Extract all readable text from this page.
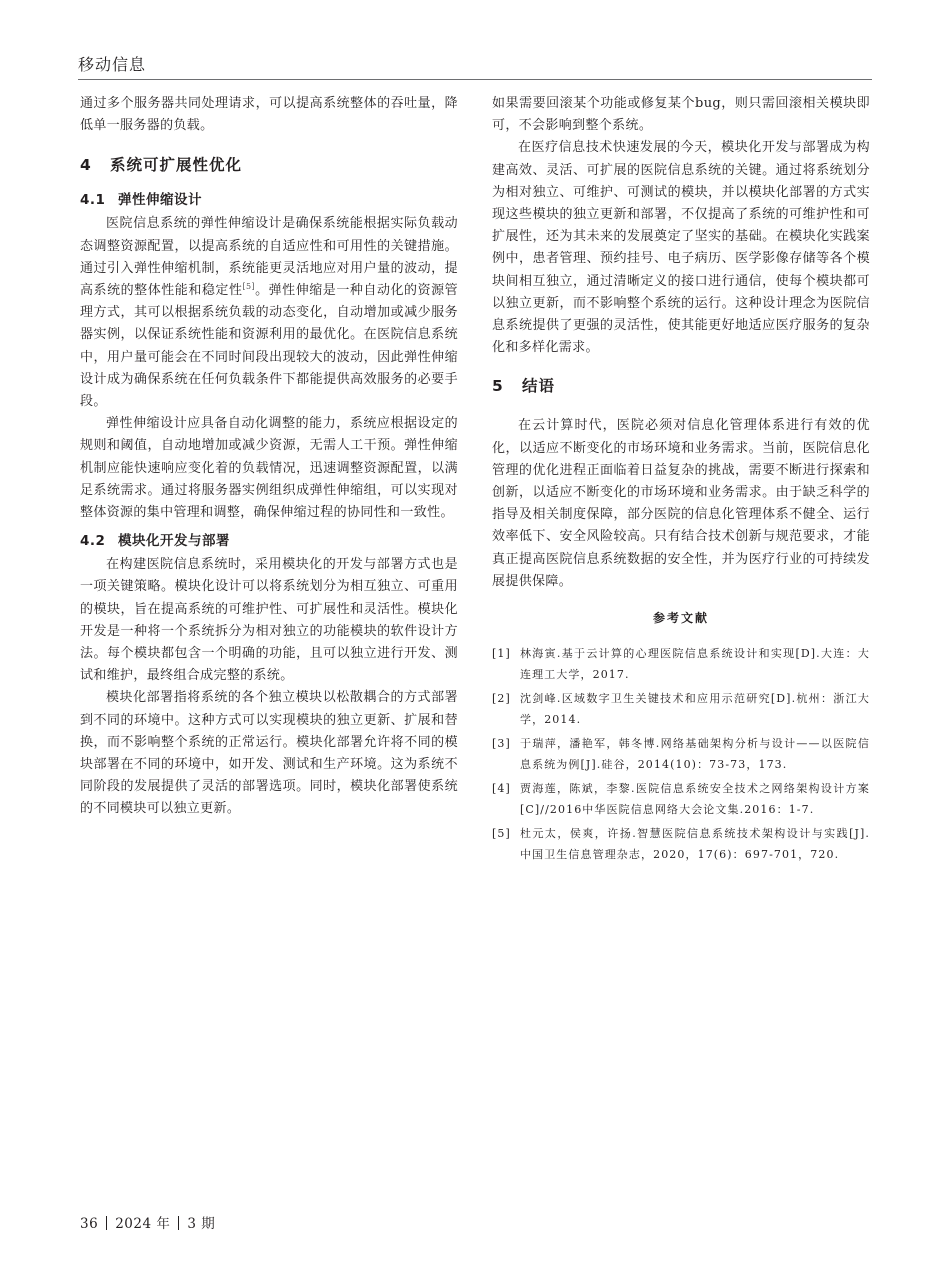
移动信息

通过多个服务器共同处理请求，可以提高系统整体的吞吐量，降低单一服务器的负载。

4 系统可扩展性优化
4.1 弹性伸缩设计

医院信息系统的弹性伸缩设计是确保系统能根据实际负载动态调整资源配置，以提高系统的自适应性和可用性的关键措施。通过引入弹性伸缩机制，系统能更灵活地应对用户量的波动，提高系统的整体性能和稳定性[5]。弹性伸缩是一种自动化的资源管理方式，其可以根据系统负载的动态变化，自动增加或减少服务器实例，以保证系统性能和资源利用的最优化。在医院信息系统中，用户量可能会在不同时间段出现较大的波动，因此弹性伸缩设计成为确保系统在任何负载条件下都能提供高效服务的必要手段。

弹性伸缩设计应具备自动化调整的能力，系统应根据设定的规则和阈值，自动地增加或减少资源，无需人工干预。弹性伸缩机制应能快速响应变化着的负载情况，迅速调整资源配置，以满足系统需求。通过将服务器实例组织成弹性伸缩组，可以实现对整体资源的集中管理和调整，确保伸缩过程的协同性和一致性。

4.2 模块化开发与部署

在构建医院信息系统时，采用模块化的开发与部署方式也是一项关键策略。模块化设计可以将系统划分为相互独立、可重用的模块，旨在提高系统的可维护性、可扩展性和灵活性。模块化开发是一种将一个系统拆分为相对独立的功能模块的软件设计方法。每个模块都包含一个明确的功能，且可以独立进行开发、测试和维护，最终组合成完整的系统。

模块化部署指将系统的各个独立模块以松散耦合的方式部署到不同的环境中。这种方式可以实现模块的独立更新、扩展和替换，而不影响整个系统的正常运行。模块化部署允许将不同的模块部署在不同的环境中，如开发、测试和生产环境。这为系统不同阶段的发展提供了灵活的部署选项。同时，模块化部署使系统的不同模块可以独立更新。

如果需要回滚某个功能或修复某个bug，则只需回滚相关模块即可，不会影响到整个系统。

在医疗信息技术快速发展的今天，模块化开发与部署成为构建高效、灵活、可扩展的医院信息系统的关键。通过将系统划分为相对独立、可维护、可测试的模块，并以模块化部署的方式实现这些模块的独立更新和部署，不仅提高了系统的可维护性和可扩展性，还为其未来的发展奠定了坚实的基础。在模块化实践案例中，患者管理、预约挂号、电子病历、医学影像存储等各个模块间相互独立，通过清晰定义的接口进行通信，使每个模块都可以独立更新，而不影响整个系统的运行。这种设计理念为医院信息系统提供了更强的灵活性，使其能更好地适应医疗服务的复杂化和多样化需求。

5 结语

在云计算时代，医院必须对信息化管理体系进行有效的优化，以适应不断变化的市场环境和业务需求。当前，医院信息化管理的优化进程正面临着日益复杂的挑战，需要不断进行探索和创新，以适应不断变化的市场环境和业务需求。由于缺乏科学的指导及相关制度保障，部分医院的信息化管理体系不健全、运行效率低下、安全风险较高。只有结合技术创新与规范要求，才能真正提高医院信息系统数据的安全性，并为医疗行业的可持续发展提供保障。

参考文献
[1] 林海寅.基于云计算的心理医院信息系统设计和实现[D].大连：大连理工大学，2017.
[2] 沈剑峰.区域数字卫生关键技术和应用示范研究[D].杭州：浙江大学，2014.
[3] 于瑞萍，潘艳军，韩冬博.网络基础架构分析与设计——以医院信息系统为例[J].硅谷，2014(10)：73-73，173.
[4] 贾海莲，陈斌，李黎.医院信息系统安全技术之网络架构设计方案[C]//2016中华医院信息网络大会论文集.2016：1-7.
[5] 杜元太，侯爽，许扬.智慧医院信息系统技术架构设计与实践[J].中国卫生信息管理杂志，2020，17(6)：697-701，720.
36 2024 年 3 期
